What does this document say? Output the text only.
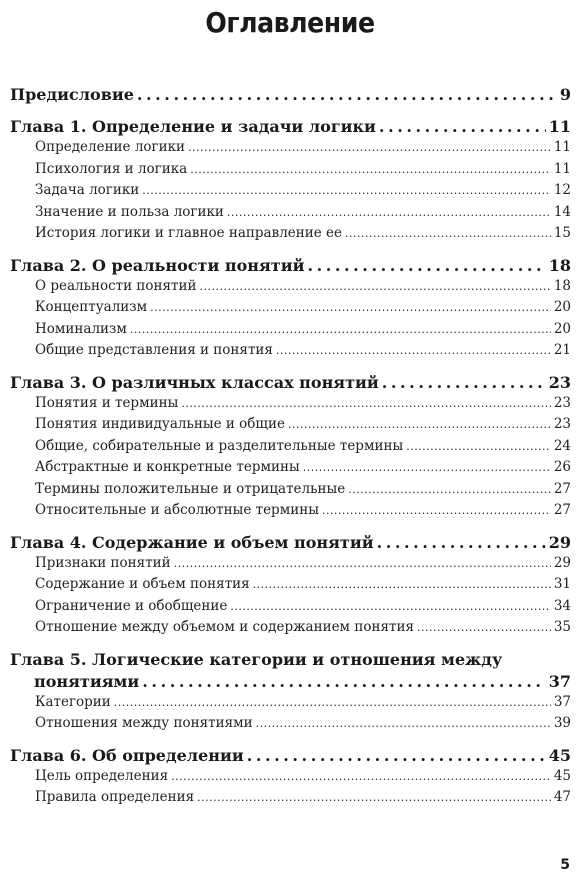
Оглавление
Предисловие . . .	9
Глава 1. Определение и задачи логики . . .	11
Определение логики . . .	11
Психология и логика . . .	11
Задача логики . . .	12
Значение и польза логики . . .	14
История логики и главное направление ее . . .	15
Глава 2. О реальности понятий . . .	18
О реальности понятий . . .	18
Концептуализм . . .	20
Номинализм . . .	20
Общие представления и понятия . . .	21
Глава 3. О различных классах понятий . . .	23
Понятия и термины . . .	23
Понятия индивидуальные и общие . . .	23
Общие, собирательные и разделительные термины . . .	24
Абстрактные и конкретные термины . . .	26
Термины положительные и отрицательные . . .	27
Относительные и абсолютные термины . . .	27
Глава 4. Содержание и объем понятий . . .	29
Признаки понятий . . .	29
Содержание и объем понятия . . .	31
Ограничение и обобщение . . .	34
Отношение между объемом и содержанием понятия . . .	35
Глава 5. Логические категории и отношения между
понятиями . . .	37
Категории . . .	37
Отношения между понятиями . . .	39
Глава 6. Об определении . . .	45
Цель определения . . .	45
Правила определения . . .	47
5
